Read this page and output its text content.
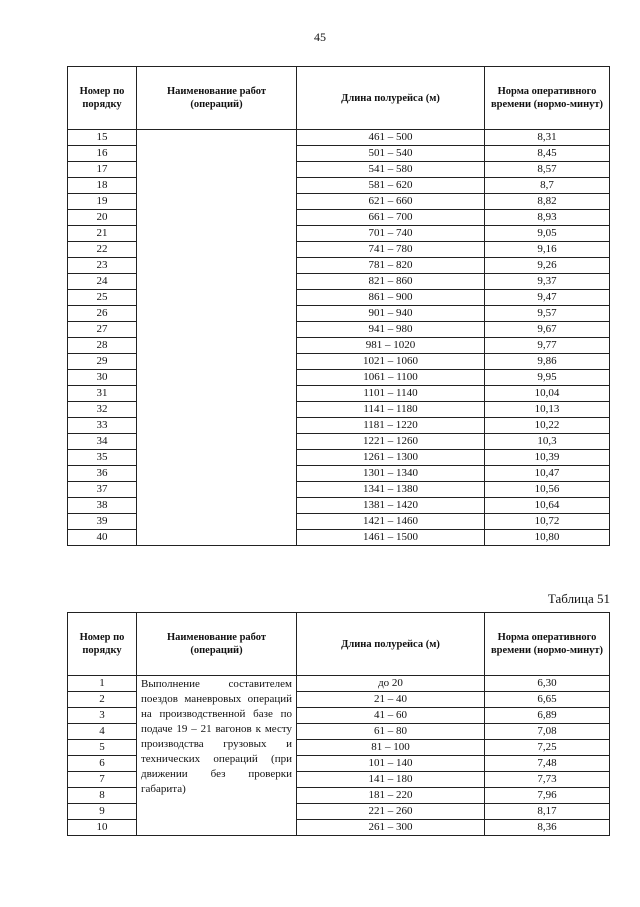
45
Номер по порядку	Наименование работ (операций)	Длина полурейса (м)	Норма оперативного времени (нормо-минут)
15		461 – 500	8,31
16		501 – 540	8,45
17		541 – 580	8,57
18		581 – 620	8,7
19		621 – 660	8,82
20		661 – 700	8,93
21		701 – 740	9,05
22		741 – 780	9,16
23		781 – 820	9,26
24		821 – 860	9,37
25		861 – 900	9,47
26		901 – 940	9,57
27		941 – 980	9,67
28		981 – 1020	9,77
29		1021 – 1060	9,86
30		1061 – 1100	9,95
31		1101 – 1140	10,04
32		1141 – 1180	10,13
33		1181 – 1220	10,22
34		1221 – 1260	10,3
35		1261 – 1300	10,39
36		1301 – 1340	10,47
37		1341 – 1380	10,56
38		1381 – 1420	10,64
39		1421 – 1460	10,72
40		1461 – 1500	10,80
Таблица 51
Номер по порядку	Наименование работ (операций)	Длина полурейса (м)	Норма оперативного времени (нормо-минут)
1	Выполнение составителем поездов маневровых операций на производственной базе по подаче 19 – 21 вагонов к месту производства грузовых и технических операций (при движении без проверки габарита)	до 20	6,30
2		21 – 40	6,65
3		41 – 60	6,89
4		61 – 80	7,08
5		81 – 100	7,25
6		101 – 140	7,48
7		141 – 180	7,73
8		181 – 220	7,96
9		221 – 260	8,17
10		261 – 300	8,36
